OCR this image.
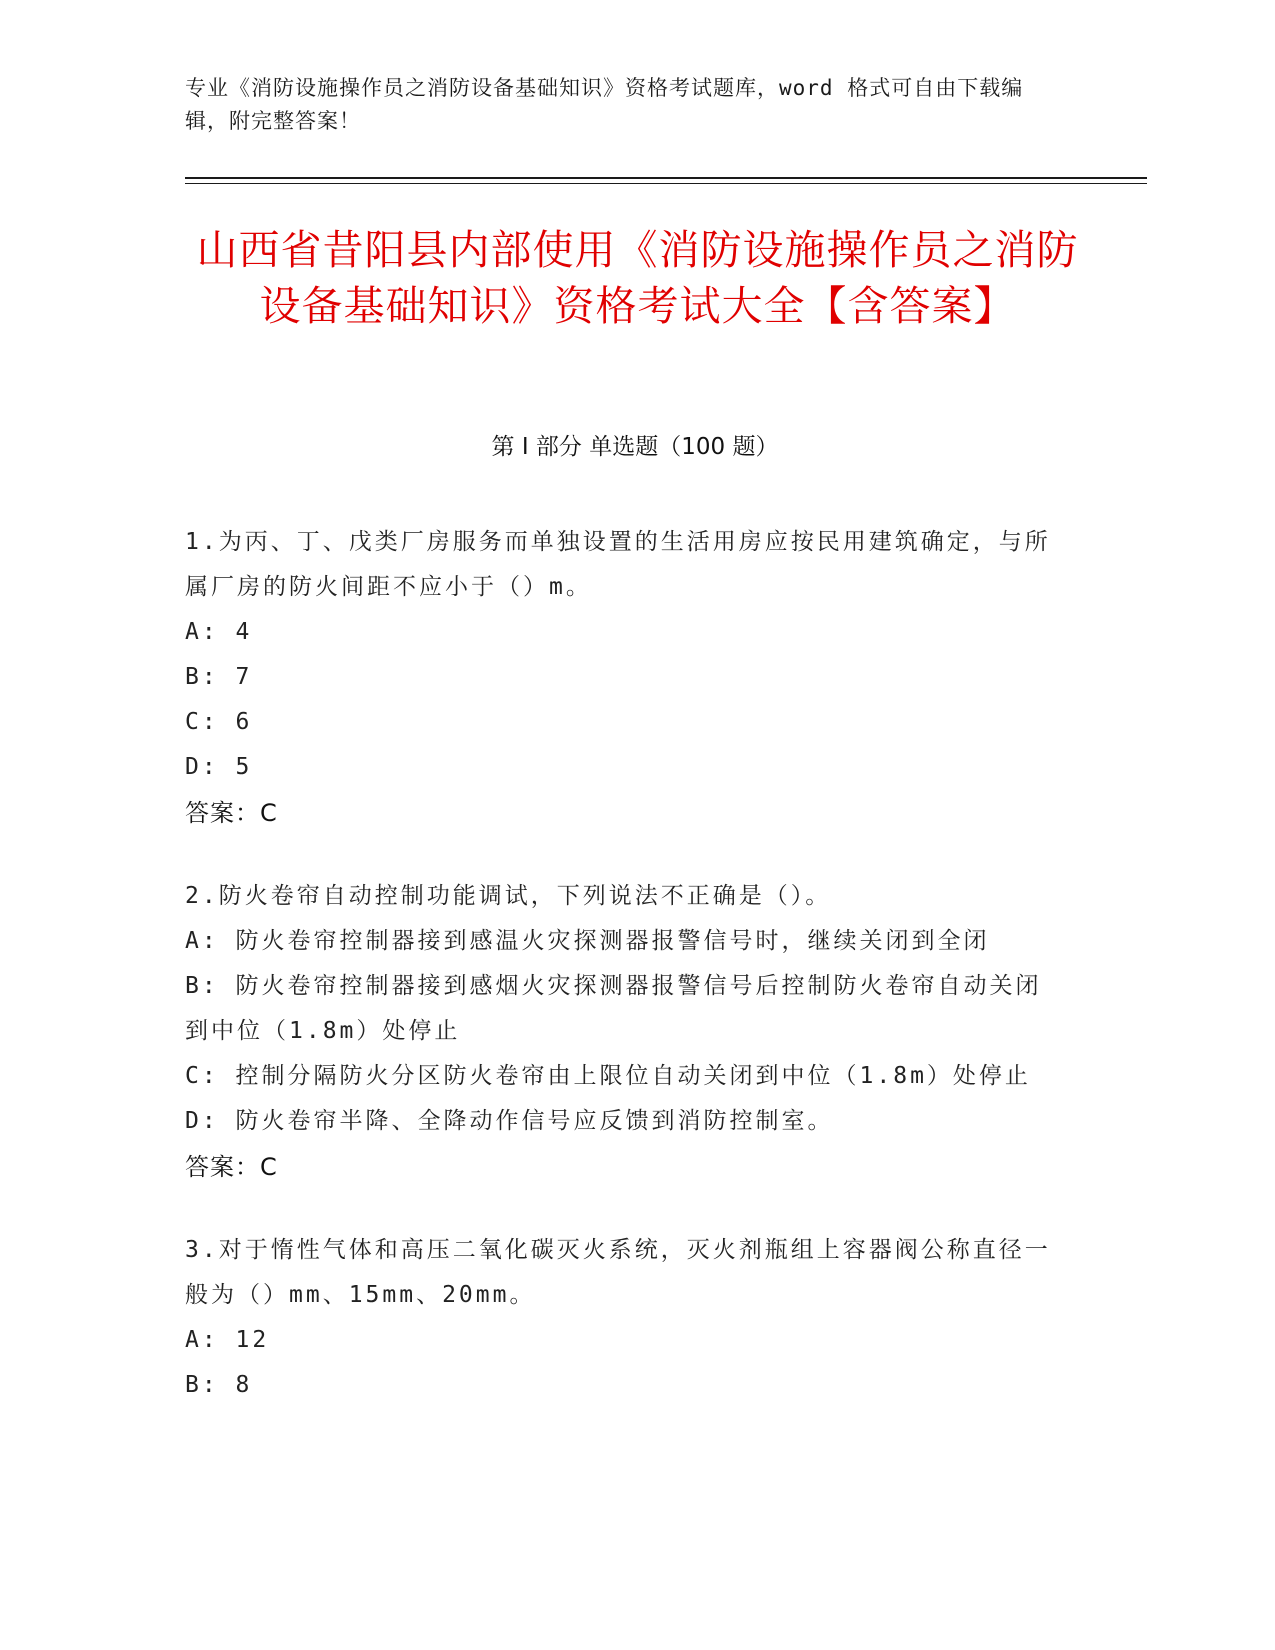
专业《消防设施操作员之消防设备基础知识》资格考试题库，word 格式可自由下载编辑，附完整答案！
山西省昔阳县内部使用《消防设施操作员之消防设备基础知识》资格考试大全【含答案】
第 I 部分 单选题（100 题）
1.为丙、丁、戊类厂房服务而单独设置的生活用房应按民用建筑确定，与所属厂房的防火间距不应小于（）m。
A: 4
B: 7
C: 6
D: 5
答案：C
2.防火卷帘自动控制功能调试，下列说法不正确是（）。
A: 防火卷帘控制器接到感温火灾探测器报警信号时，继续关闭到全闭
B: 防火卷帘控制器接到感烟火灾探测器报警信号后控制防火卷帘自动关闭到中位（1.8m）处停止
C: 控制分隔防火分区防火卷帘由上限位自动关闭到中位（1.8m）处停止
D: 防火卷帘半降、全降动作信号应反馈到消防控制室。
答案：C
3.对于惰性气体和高压二氧化碳灭火系统，灭火剂瓶组上容器阀公称直径一般为（）mm、15mm、20mm。
A: 12
B: 8
